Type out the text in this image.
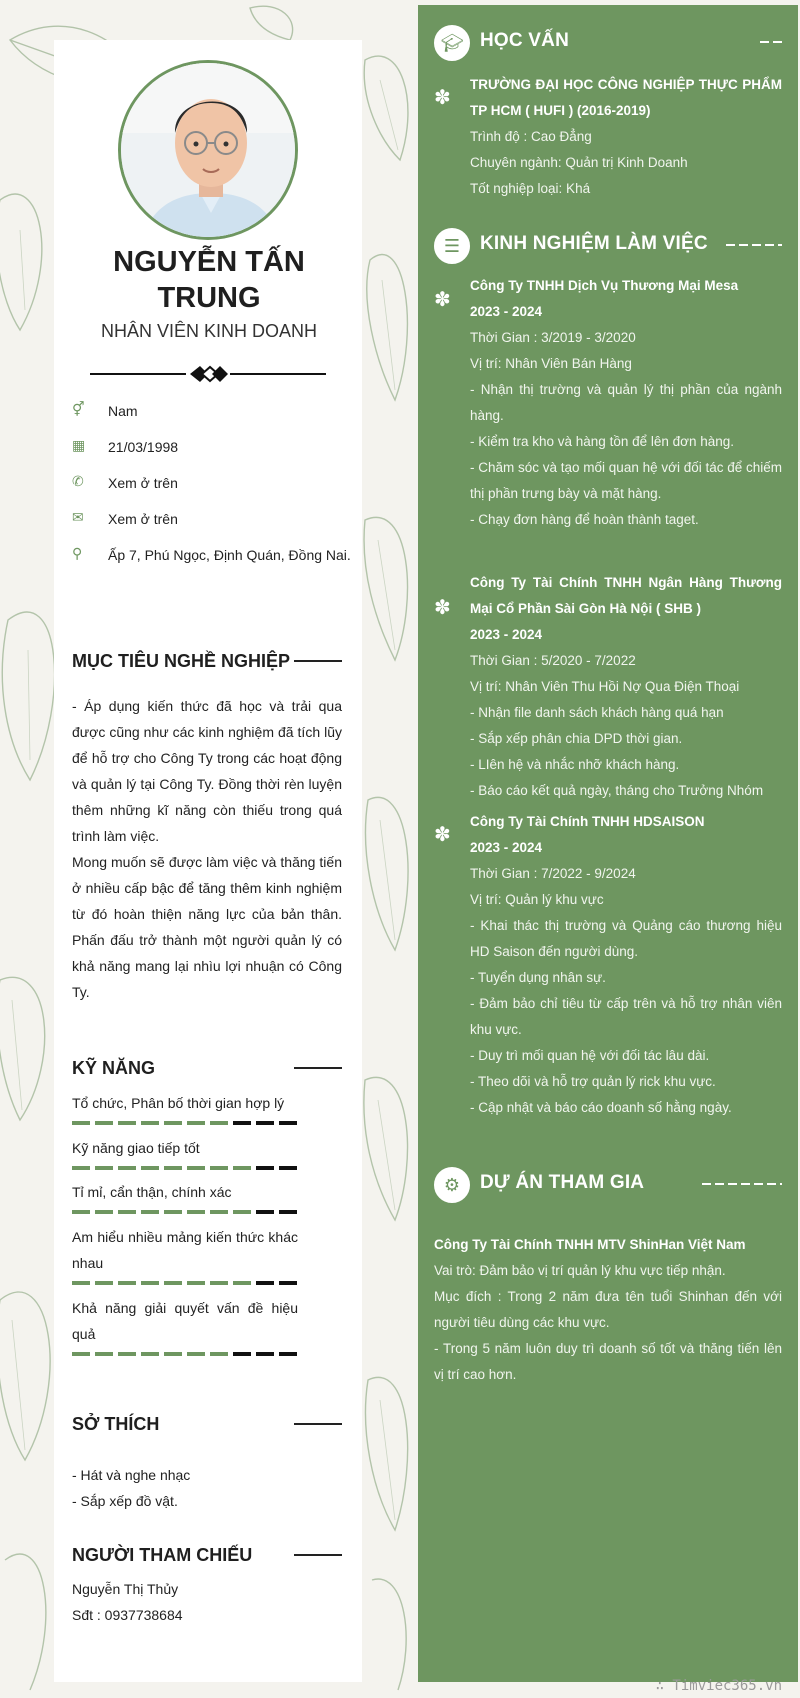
NGUYỄN TẤN TRUNG
NHÂN VIÊN KINH DOANH
⚥	Nam
▦	21/03/1998
✆	Xem ở trên
✉	Xem ở trên
⚲	Ấp 7, Phú Ngọc, Định Quán, Đồng Nai.
MỤC TIÊU NGHỀ NGHIỆP
- Áp dụng kiến thức đã học và trải qua được cũng như các kinh nghiệm đã tích lũy để hỗ trợ cho Công Ty trong các hoạt động và quản lý tại Công Ty. Đồng thời rèn luyện thêm những kĩ năng còn thiếu trong quá trình làm việc.
Mong muốn sẽ được làm việc và thăng tiến ở nhiều cấp bậc để tăng thêm kinh nghiệm từ đó hoàn thiện năng lực của bản thân. Phấn đấu trở thành một người quản lý có khả năng mang lại nhìu lợi nhuận có Công Ty.
KỸ NĂNG
Tổ chức, Phân bố thời gian hợp lý
Kỹ năng giao tiếp tốt
Tỉ mỉ, cẩn thận, chính xác
Am hiểu nhiều mảng kiến thức khác nhau
Khả năng giải quyết vấn đề hiệu quả
SỞ THÍCH
- Hát và nghe nhạc
- Sắp xếp đồ vật.
NGƯỜI THAM CHIẾU
Nguyễn Thị Thủy
Sđt : 0937738684
🎓︎ HỌC VẤN
✽

TRƯỜNG ĐẠI HỌC CÔNG NGHIỆP THỰC PHẨM TP HCM ( HUFI ) (2016-2019)

Trình độ : Cao Đẳng

Chuyên ngành: Quản trị Kinh Doanh

Tốt nghiệp loại: Khá

☰	KINH NGHIỆM LÀM VIỆC
✽

Công Ty TNHH Dịch Vụ Thương Mại Mesa

2023 - 2024

Thời Gian : 3/2019 - 3/2020

Vị trí: Nhân Viên Bán Hàng

- Nhận thị trường và quản lý thị phần của ngành hàng.

- Kiểm tra kho và hàng tồn để lên đơn hàng.

- Chăm sóc và tạo mối quan hệ với đối tác để chiếm thị phần trưng bày và mặt hàng.

- Chạy đơn hàng để hoàn thành taget.

✽

Công Ty Tài Chính TNHH Ngân Hàng Thương Mại Cổ Phần Sài Gòn Hà Nội ( SHB )

2023 - 2024

Thời Gian : 5/2020 - 7/2022

Vị trí: Nhân Viên Thu Hồi Nợ Qua Điện Thoại

- Nhận file danh sách khách hàng quá hạn

- Sắp xếp phân chia DPD thời gian.

- LIên hệ và nhắc nhỡ khách hàng.

- Báo cáo kết quả ngày, tháng cho Trưởng Nhóm

✽

Công Ty Tài Chính TNHH HDSAISON

2023 - 2024

Thời Gian : 7/2022 - 9/2024

Vị trí: Quản lý khu vực

- Khai thác thị trường và Quảng cáo thương hiệu HD Saison đến người dùng.

- Tuyển dụng nhân sự.

- Đảm bảo chỉ tiêu từ cấp trên và hỗ trợ nhân viên khu vực.

- Duy trì mối quan hệ với đối tác lâu dài.

- Theo dõi và hỗ trợ quản lý rick khu vực.

- Cập nhật và báo cáo doanh số hằng ngày.

⚙	DỰ ÁN THAM GIA

Công Ty Tài Chính TNHH MTV ShinHan Việt Nam

Vai trò: Đảm bảo vị trí quản lý khu vực tiếp nhận.

Mục đích : Trong 2 năm đưa tên tuổi Shinhan đến với người tiêu dùng các khu vực.

- Trong 5 năm luôn duy trì doanh số tốt và thăng tiến lên vị trí cao hơn.

∴ Timviec365.vn
